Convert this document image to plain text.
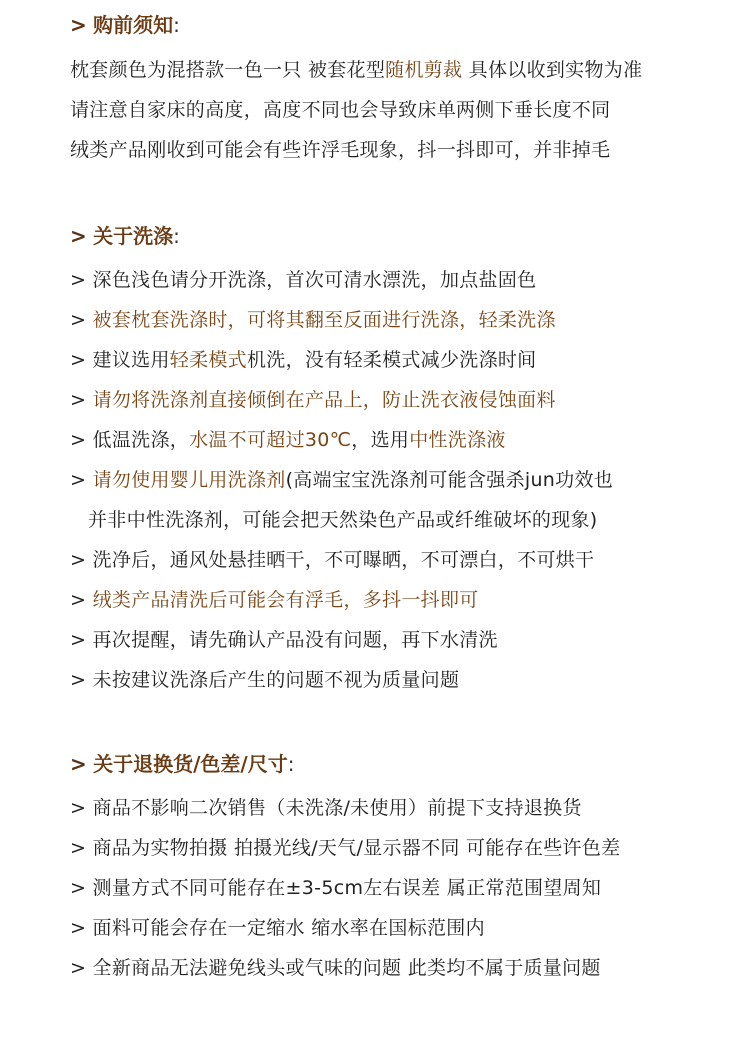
> 购前须知:
枕套颜色为混搭款一色一只 被套花型随机剪裁 具体以收到实物为准
请注意自家床的高度，高度不同也会导致床单两侧下垂长度不同
绒类产品刚收到可能会有些许浮毛现象，抖一抖即可，并非掉毛
> 关于洗涤:
> 深色浅色请分开洗涤，首次可清水漂洗，加点盐固色
> 被套枕套洗涤时，可将其翻至反面进行洗涤，轻柔洗涤
> 建议选用轻柔模式机洗，没有轻柔模式减少洗涤时间
> 请勿将洗涤剂直接倾倒在产品上，防止洗衣液侵蚀面料
> 低温洗涤，水温不可超过30℃，选用中性洗涤液
> 请勿使用婴儿用洗涤剂(高端宝宝洗涤剂可能含强杀jun功效也
并非中性洗涤剂，可能会把天然染色产品或纤维破坏的现象)
> 洗净后，通风处悬挂晒干，不可曝晒，不可漂白，不可烘干
> 绒类产品清洗后可能会有浮毛，多抖一抖即可
> 再次提醒，请先确认产品没有问题，再下水清洗
> 未按建议洗涤后产生的问题不视为质量问题
> 关于退换货/色差/尺寸:
> 商品不影响二次销售（未洗涤/未使用）前提下支持退换货
> 商品为实物拍摄 拍摄光线/天气/显示器不同 可能存在些许色差
> 测量方式不同可能存在±3-5cm左右误差 属正常范围望周知
> 面料可能会存在一定缩水 缩水率在国标范围内
> 全新商品无法避免线头或气味的问题 此类均不属于质量问题
